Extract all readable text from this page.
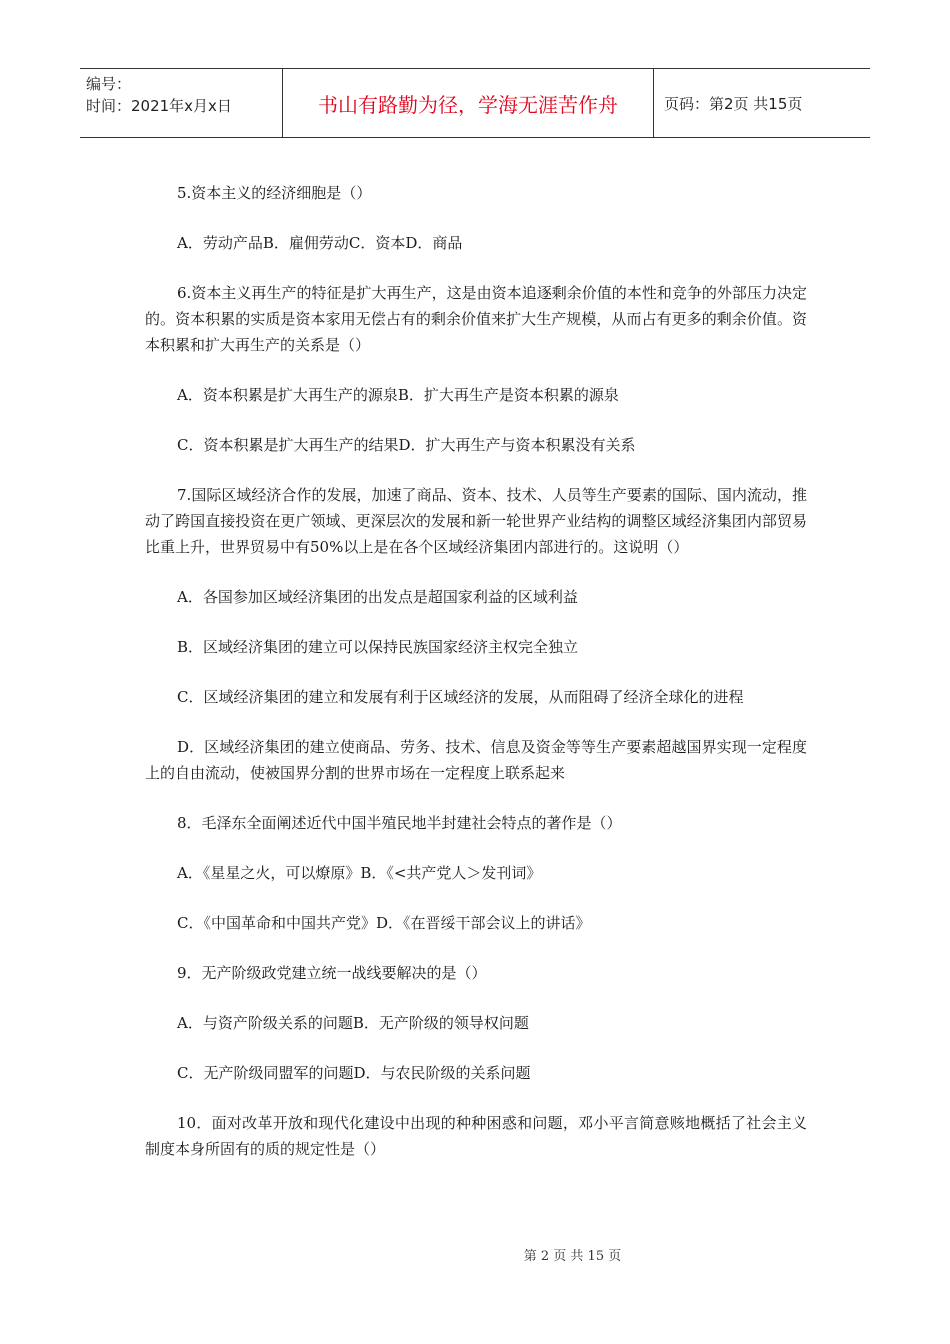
编号：
时间：2021年x月x日	书山有路勤为径，学海无涯苦作舟	页码：第2页 共15页

5.资本主义的经济细胞是（）

A．劳动产品B．雇佣劳动C．资本D．商品

6.资本主义再生产的特征是扩大再生产，这是由资本追逐剩余价值的本性和竞争的外部压力决定的。资本积累的实质是资本家用无偿占有的剩余价值来扩大生产规模，从而占有更多的剩余价值。资本积累和扩大再生产的关系是（）

A．资本积累是扩大再生产的源泉B．扩大再生产是资本积累的源泉

C．资本积累是扩大再生产的结果D．扩大再生产与资本积累没有关系

7.国际区域经济合作的发展，加速了商品、资本、技术、人员等生产要素的国际、国内流动，推动了跨国直接投资在更广领域、更深层次的发展和新一轮世界产业结构的调整区域经济集团内部贸易比重上升，世界贸易中有50%以上是在各个区域经济集团内部进行的。这说明（）

A．各国参加区域经济集团的出发点是超国家利益的区域利益

B．区域经济集团的建立可以保持民族国家经济主权完全独立

C．区域经济集团的建立和发展有利于区域经济的发展，从而阻碍了经济全球化的进程

D．区域经济集团的建立使商品、劳务、技术、信息及资金等等生产要素超越国界实现一定程度上的自由流动，使被国界分割的世界市场在一定程度上联系起来

8．毛泽东全面阐述近代中国半殖民地半封建社会特点的著作是（）

A．《星星之火，可以燎原》B．《<共产党人＞发刊词》

C．《中国革命和中国共产党》D．《在晋绥干部会议上的讲话》

9．无产阶级政党建立统一战线要解决的是（）

A．与资产阶级关系的问题B．无产阶级的领导权问题

C．无产阶级同盟军的问题D．与农民阶级的关系问题

10．面对改革开放和现代化建设中出现的种种困惑和问题，邓小平言简意赅地概括了社会主义制度本身所固有的质的规定性是（）

第 2 页 共 15 页
